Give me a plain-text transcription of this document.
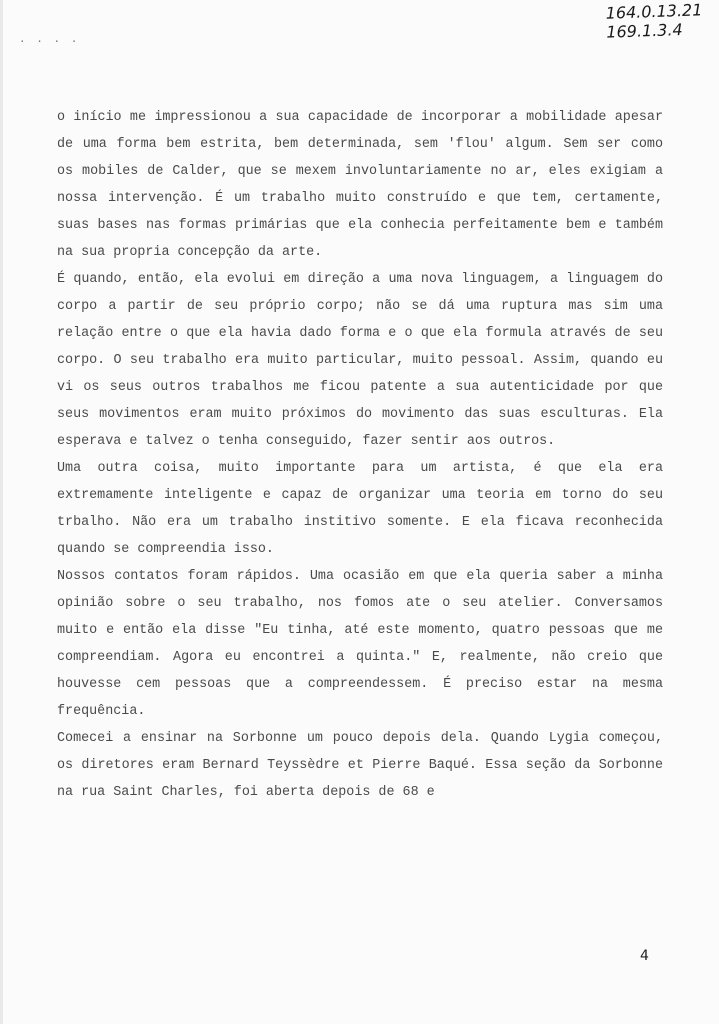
. . . .
164.0.13.21
169.1.3.4

o início me impressionou a sua capacidade de incorporar a mobilidade apesar de uma forma bem estrita, bem determinada, sem 'flou' algum. Sem ser como os mobiles de Calder, que se mexem involuntariamente no ar, eles exigiam a nossa intervenção. É um trabalho muito construído e que tem, certamente, suas bases nas formas primárias que ela conhecia perfeitamente bem e também na sua propria concepção da arte.

É quando, então, ela evolui em direção a uma nova linguagem, a linguagem do corpo a partir de seu próprio corpo; não se dá uma ruptura mas sim uma relação entre o que ela havia dado forma e o que ela formula através de seu corpo. O seu trabalho era muito particular, muito pessoal. Assim, quando eu vi os seus outros trabalhos me ficou patente a sua autenticidade por que seus movimentos eram muito próximos do movimento das suas esculturas. Ela esperava e talvez o tenha conseguido, fazer sentir aos outros.

Uma outra coisa, muito importante para um artista, é que ela era extremamente inteligente e capaz de organizar uma teoria em torno do seu trbalho. Não era um trabalho institivo somente. E ela ficava reconhecida quando se compreendia isso.

Nossos contatos foram rápidos. Uma ocasião em que ela queria saber a minha opinião sobre o seu trabalho, nos fomos ate o seu atelier. Conversamos muito e então ela disse "Eu tinha, até este momento, quatro pessoas que me compreendiam. Agora eu encontrei a quinta." E, realmente, não creio que houvesse cem pessoas que a compreendessem. É preciso estar na mesma frequência.

Comecei a ensinar na Sorbonne um pouco depois dela. Quando Lygia começou, os diretores eram Bernard Teyssèdre et Pierre Baqué. Essa seção da Sorbonne na rua Saint Charles, foi aberta depois de 68 e

4
